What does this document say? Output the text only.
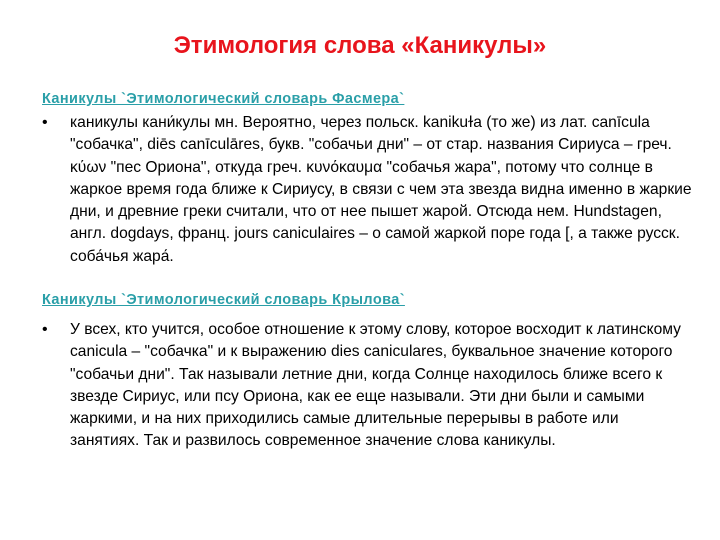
Этимология слова «Каникулы»
Каникулы `Этимологический словарь Фасмера`
• каникулы кани́кулы мн. Вероятно, через польск. kanikuɫa (то же) из лат. canīcula "собачка", diēs canīculāres, букв. "собачьи дни" – от стар. названия Сириуса – греч. κύων "пес Ориона", откуда греч. κυνόκαυμα "собачья жара", потому что солнце в жаркое время года ближе к Сириусу, в связи с чем эта звезда видна именно в жаркие дни, и древние греки считали, что от нее пышет жарой. Отсюда нем. Hundstagen, англ. dogdays, франц. jours caniculaires – о самой жаркой поре года [, а также русск. соба́чья жара́.

Каникулы `Этимологический словарь Крылова`
• У всех, кто учится, особое отношение к этому слову, которое восходит к латинскому canicula – "собачка" и к выражению dies caniculares, буквальное значение которого "собачьи дни". Так называли летние дни, когда Солнце находилось ближе всего к звезде Сириус, или псу Ориона, как ее еще называли. Эти дни были и самыми жаркими, и на них приходились самые длительные перерывы в работе или занятиях. Так и развилось современное значение слова каникулы.
